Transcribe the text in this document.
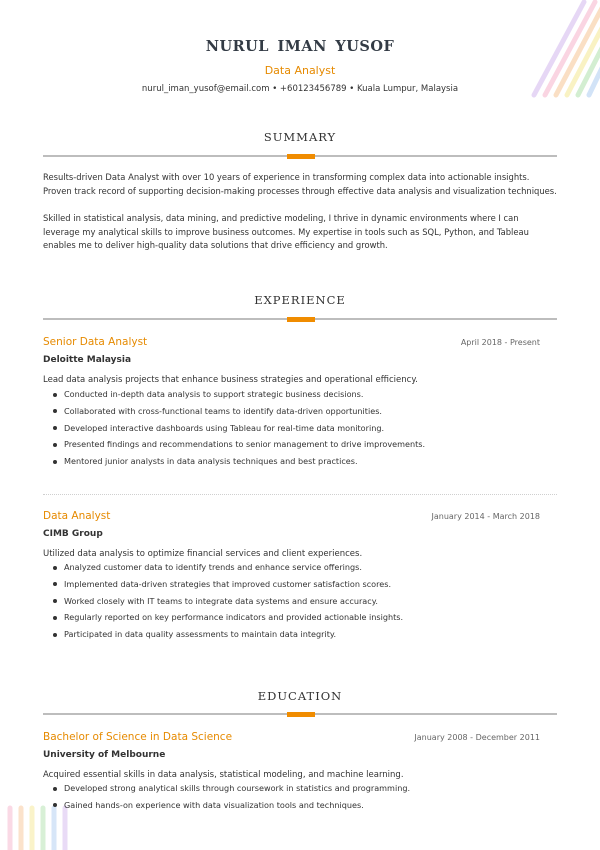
NURUL IMAN YUSOF
Data Analyst
nurul_iman_yusof@email.com • +60123456789 • Kuala Lumpur, Malaysia
SUMMARY
Results-driven Data Analyst with over 10 years of experience in transforming complex data into actionable insights. Proven track record of supporting decision-making processes through effective data analysis and visualization techniques.
Skilled in statistical analysis, data mining, and predictive modeling, I thrive in dynamic environments where I can leverage my analytical skills to improve business outcomes. My expertise in tools such as SQL, Python, and Tableau enables me to deliver high-quality data solutions that drive efficiency and growth.
EXPERIENCE
Senior Data Analyst	April 2018 - Present
Deloitte Malaysia
Lead data analysis projects that enhance business strategies and operational efficiency.
Conducted in-depth data analysis to support strategic business decisions.
Collaborated with cross-functional teams to identify data-driven opportunities.
Developed interactive dashboards using Tableau for real-time data monitoring.
Presented findings and recommendations to senior management to drive improvements.
Mentored junior analysts in data analysis techniques and best practices.
Data Analyst	January 2014 - March 2018
CIMB Group
Utilized data analysis to optimize financial services and client experiences.
Analyzed customer data to identify trends and enhance service offerings.
Implemented data-driven strategies that improved customer satisfaction scores.
Worked closely with IT teams to integrate data systems and ensure accuracy.
Regularly reported on key performance indicators and provided actionable insights.
Participated in data quality assessments to maintain data integrity.
EDUCATION
Bachelor of Science in Data Science	January 2008 - December 2011
University of Melbourne
Acquired essential skills in data analysis, statistical modeling, and machine learning.
Developed strong analytical skills through coursework in statistics and programming.
Gained hands-on experience with data visualization tools and techniques.
